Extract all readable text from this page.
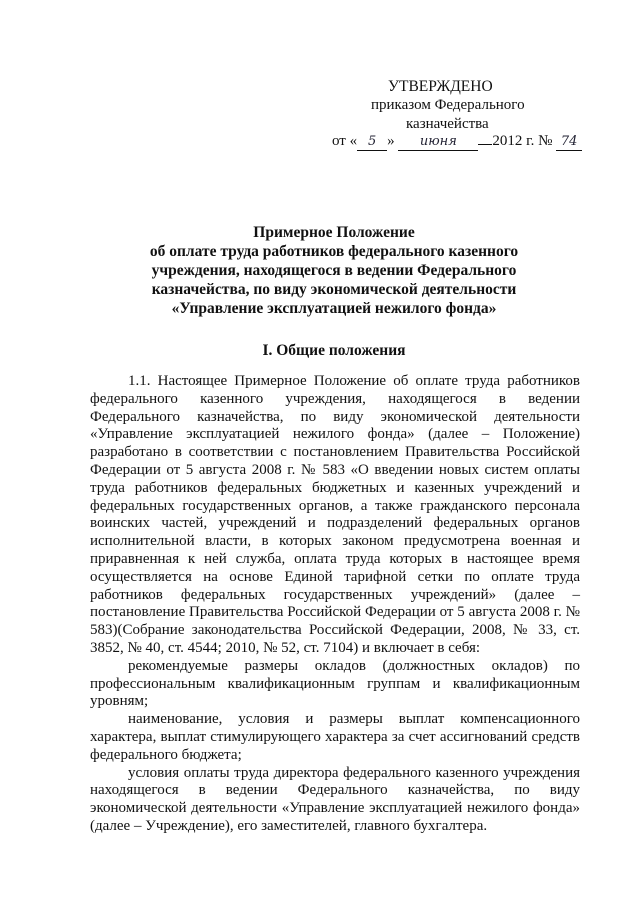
УТВЕРЖДЕНО
приказом Федерального
казначейства
от « 5 » июня 2012 г. № 74
Примерное Положение
об оплате труда работников федерального казенного
учреждения, находящегося в ведении Федерального
казначейства, по виду экономической деятельности
«Управление эксплуатацией нежилого фонда»
I. Общие положения

1.1. Настоящее Примерное Положение об оплате труда работников федерального казенного учреждения, находящегося в ведении Федерального казначейства, по виду экономической деятельности «Управление эксплуатацией нежилого фонда» (далее – Положение) разработано в соответствии с постановлением Правительства Российской Федерации от 5 августа 2008 г. № 583 «О введении новых систем оплаты труда работников федеральных бюджетных и казенных учреждений и федеральных государственных органов, а также гражданского персонала воинских частей, учреждений и подразделений федеральных органов исполнительной власти, в которых законом предусмотрена военная и приравненная к ней служба, оплата труда которых в настоящее время осуществляется на основе Единой тарифной сетки по оплате труда работников федеральных государственных учреждений» (далее – постановление Правительства Российской Федерации от 5 августа 2008 г. № 583)(Собрание законодательства Российской Федерации, 2008, № 33, ст. 3852, № 40, ст. 4544; 2010, № 52, ст. 7104) и включает в себя:

рекомендуемые размеры окладов (должностных окладов) по профессиональным квалификационным группам и квалификационным уровням;

наименование, условия и размеры выплат компенсационного характера, выплат стимулирующего характера за счет ассигнований средств федерального бюджета;

условия оплаты труда директора федерального казенного учреждения находящегося в ведении Федерального казначейства, по виду экономической деятельности «Управление эксплуатацией нежилого фонда» (далее – Учреждение), его заместителей, главного бухгалтера.
